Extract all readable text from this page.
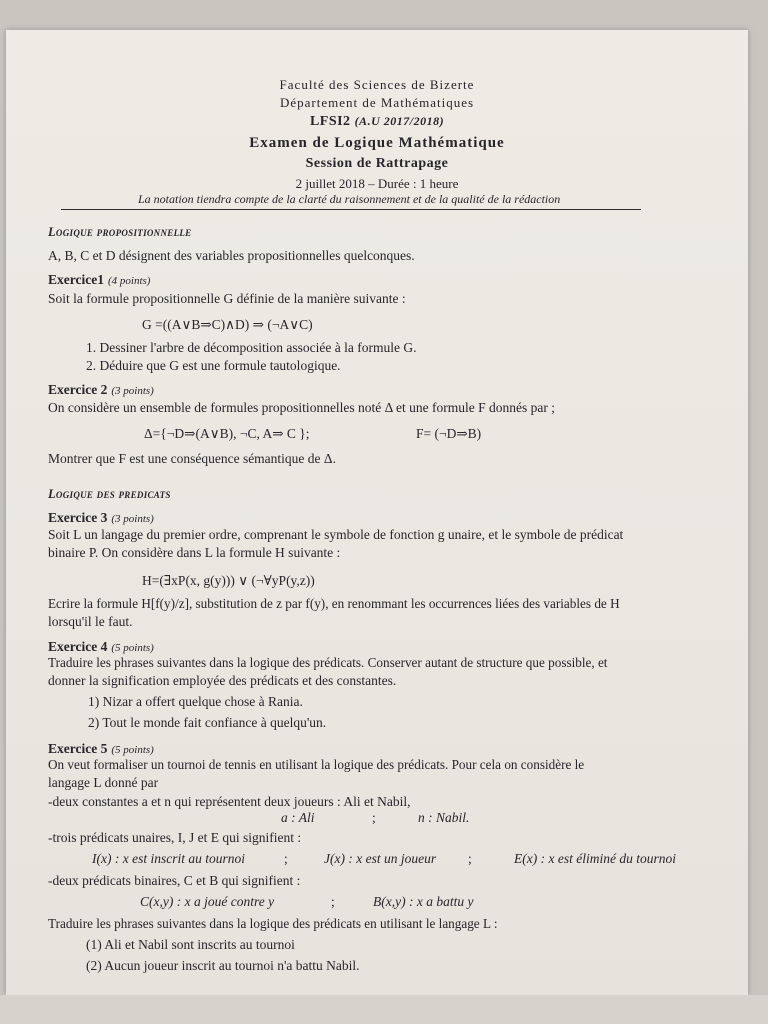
Faculté des Sciences de Bizerte
Département de Mathématiques
LFSI2 (A.U 2017/2018)
Examen de Logique Mathématique
Session de Rattrapage
2 juillet 2018 – Durée : 1 heure
La notation tiendra compte de la clarté du raisonnement et de la qualité de la rédaction
Logique propositionnelle
A, B, C et D désignent des variables propositionnelles quelconques.
Exercice1 (4 points)
Soit la formule propositionnelle G définie de la manière suivante :
G =((A∨B⇒C)∧D) ⇒ (¬A∨C)
1. Dessiner l'arbre de décomposition associée à la formule G.
2. Déduire que G est une formule tautologique.
Exercice 2 (3 points)
On considère un ensemble de formules propositionnelles noté Δ et une formule F donnés par ;
Δ={¬D⇒(A∨B), ¬C, A⇒ C };	F= (¬D⇒B)
Montrer que F est une conséquence sémantique de Δ.
Logique des predicats
Exercice 3 (3 points)
Soit L un langage du premier ordre, comprenant le symbole de fonction g unaire, et le symbole de prédicat
binaire P. On considère dans L la formule H suivante :
H=(∃xP(x, g(y))) ∨ (¬∀yP(y,z))
Ecrire la formule H[f(y)/z], substitution de z par f(y), en renommant les occurrences liées des variables de H
lorsqu'il le faut.
Exercice 4 (5 points)
Traduire les phrases suivantes dans la logique des prédicats. Conserver autant de structure que possible, et
donner la signification employée des prédicats et des constantes.
1) Nizar a offert quelque chose à Rania.
2) Tout le monde fait confiance à quelqu'un.
Exercice 5 (5 points)
On veut formaliser un tournoi de tennis en utilisant la logique des prédicats. Pour cela on considère le
langage L donné par
-deux constantes a et n qui représentent deux joueurs : Ali et Nabil,
a : Ali	;	n : Nabil.
-trois prédicats unaires, I, J et E qui signifient :
I(x) : x est inscrit au tournoi	;	J(x) : x est un joueur ;	E(x) : x est éliminé du tournoi
-deux prédicats binaires, C et B qui signifient :
C(x,y) : x a joué contre y	;	B(x,y) : x a battu y
Traduire les phrases suivantes dans la logique des prédicats en utilisant le langage L :
(1) Ali et Nabil sont inscrits au tournoi
(2) Aucun joueur inscrit au tournoi n'a battu Nabil.
